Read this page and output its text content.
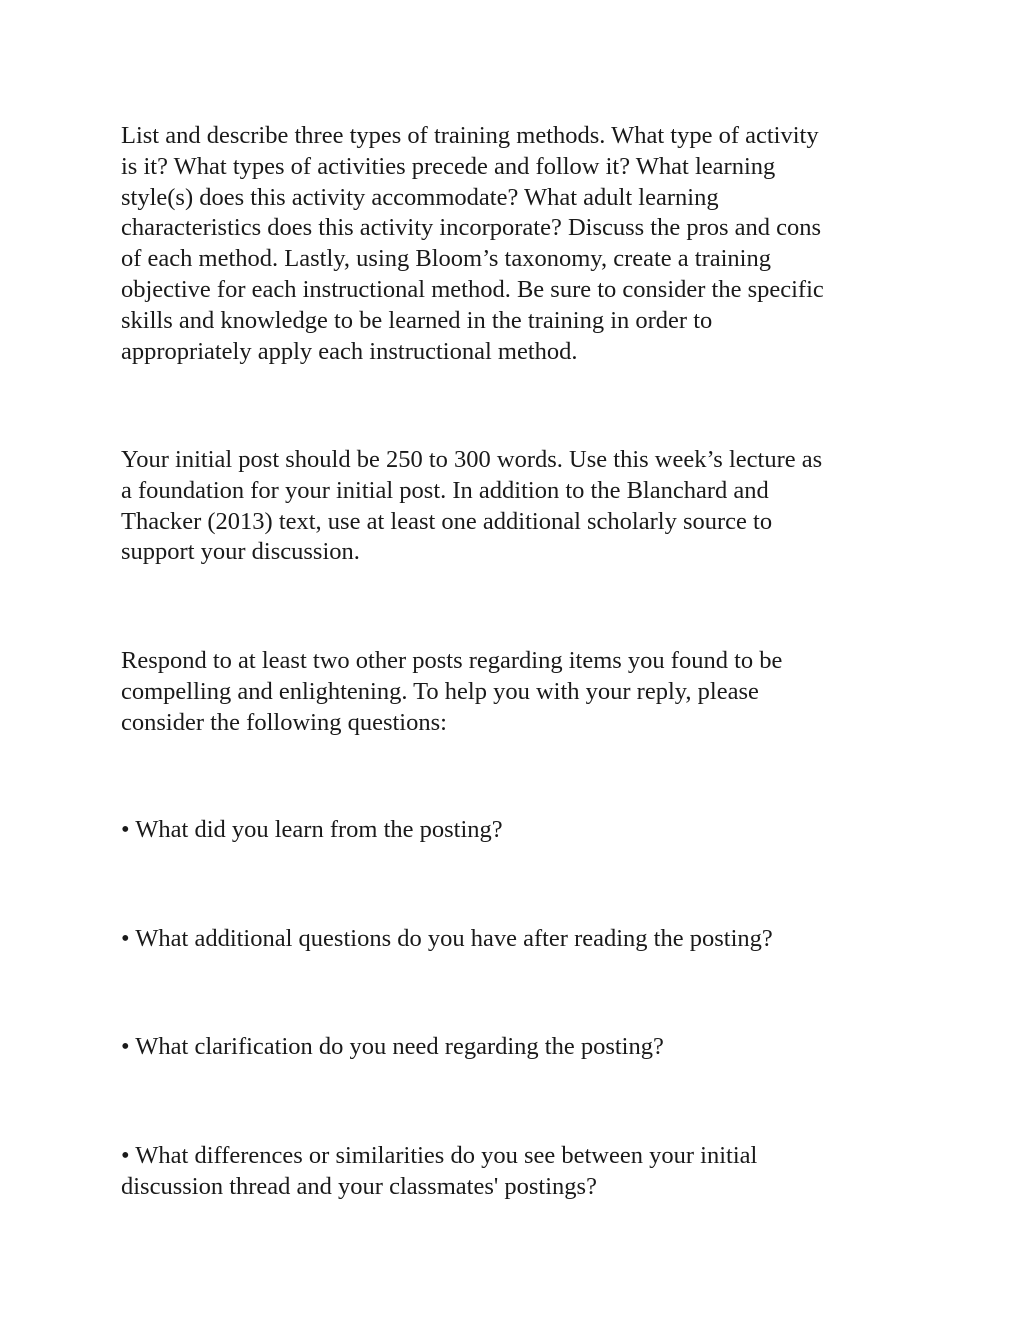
List and describe three types of training methods. What type of activity
is it? What types of activities precede and follow it? What learning
style(s) does this activity accommodate? What adult learning
characteristics does this activity incorporate? Discuss the pros and cons
of each method. Lastly, using Bloom’s taxonomy, create a training
objective for each instructional method. Be sure to consider the specific
skills and knowledge to be learned in the training in order to
appropriately apply each instructional method.

Your initial post should be 250 to 300 words. Use this week’s lecture as
a foundation for your initial post. In addition to the Blanchard and
Thacker (2013) text, use at least one additional scholarly source to
support your discussion.

Respond to at least two other posts regarding items you found to be
compelling and enlightening. To help you with your reply, please
consider the following questions:

• What did you learn from the posting?

• What additional questions do you have after reading the posting?

• What clarification do you need regarding the posting?

• What differences or similarities do you see between your initial
discussion thread and your classmates' postings?
